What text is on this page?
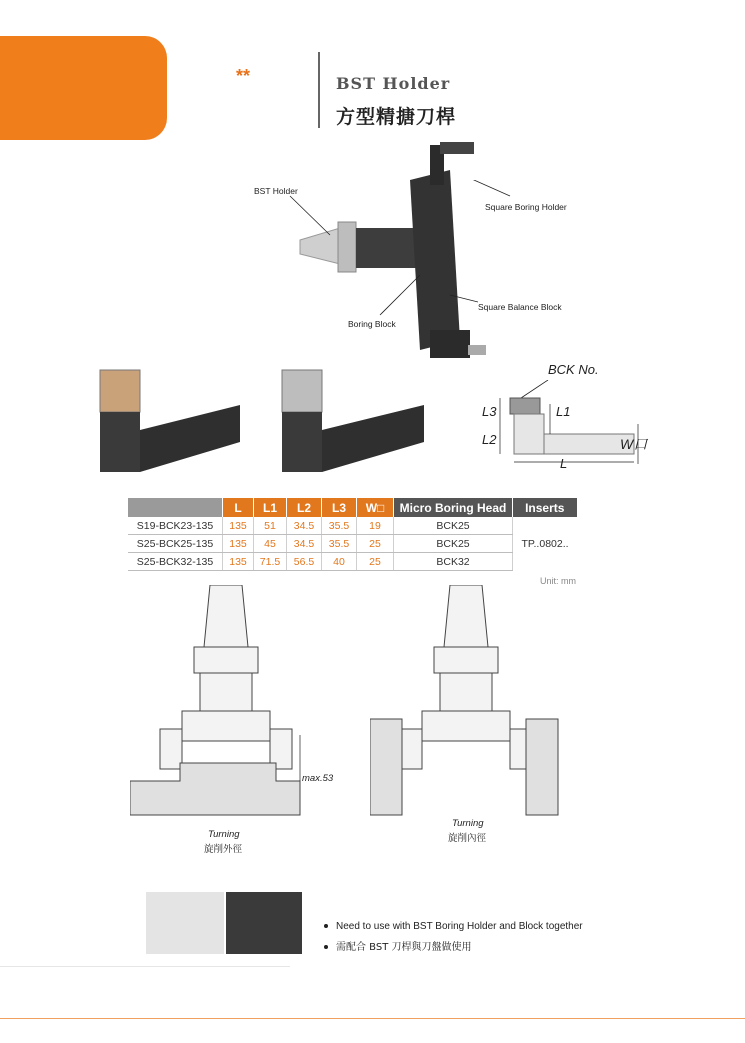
**	BST Holder
方型精搪刀桿
BST Holder
Square Boring Holder
Boring Block
Square Balance Block
BCK No.
L3	L1
L2	W口
L
	L	L1	L2	L3	W□	Micro Boring Head	Inserts
S19-BCK23-135	135	51	34.5	35.5	19	BCK25	TP..0802..
S25-BCK25-135	135	45	34.5	35.5	25	BCK25	
S25-BCK32-135	135	71.5	56.5	40	25	BCK32	
Unit: mm
max.53
Turning
旋削外徑
Turning
旋削內徑
Need to use with BST Boring Holder and Block together
需配合 BST 刀桿與刀盤做使用
